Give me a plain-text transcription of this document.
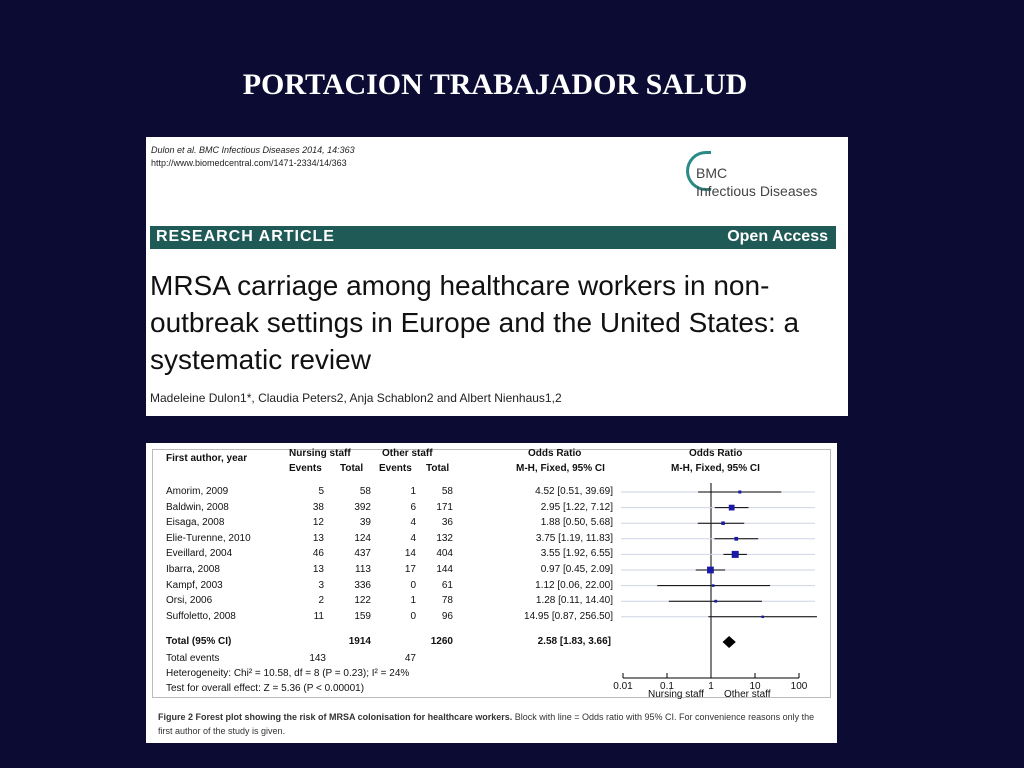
PORTACION TRABAJADOR SALUD
Dulon et al. BMC Infectious Diseases 2014, 14:363
http://www.biomedcentral.com/1471-2334/14/363
BMC
Infectious Diseases
RESEARCH ARTICLE	Open Access
MRSA carriage among healthcare workers in non-outbreak settings in Europe and the United States: a systematic review
Madeleine Dulon1*, Claudia Peters2, Anja Schablon2 and Albert Nienhaus1,2
First author, year	Nursing staff	Other staff
Events Total Events Total
Odds Ratio
M-H, Fixed, 95% CI
Odds Ratio
M-H, Fixed, 95% CI
Amorim, 2009	5	58	1	58	4.52 [0.51, 39.69]
Baldwin, 2008	38	392	6	171	2.95 [1.22, 7.12]
Eisaga, 2008	12	39	4	36	1.88 [0.50, 5.68]
Elie-Turenne, 2010	13	124	4	132	3.75 [1.19, 11.83]
Eveillard, 2004	46	437	14	404	3.55 [1.92, 6.55]
Ibarra, 2008	13	113	17	144	0.97 [0.45, 2.09]
Kampf, 2003	3	336	0	61	1.12 [0.06, 22.00]
Orsi, 2006	2	122	1	78	1.28 [0.11, 14.40]
Suffoletto, 2008	11	159	0	96	14.95 [0.87, 256.50]
Total (95% CI)	1914	1260	2.58 [1.83, 3.66]
Total events	143	47
Heterogeneity: Chi² = 10.58, df = 8 (P = 0.23); I² = 24%
Test for overall effect: Z = 5.36 (P < 0.00001)
Nursing staff Other staff
0.01	0.1	1	10	100
Figure 2 Forest plot showing the risk of MRSA colonisation for healthcare workers. Block with line = Odds ratio with 95% CI. For convenience reasons only the first author of the study is given.
